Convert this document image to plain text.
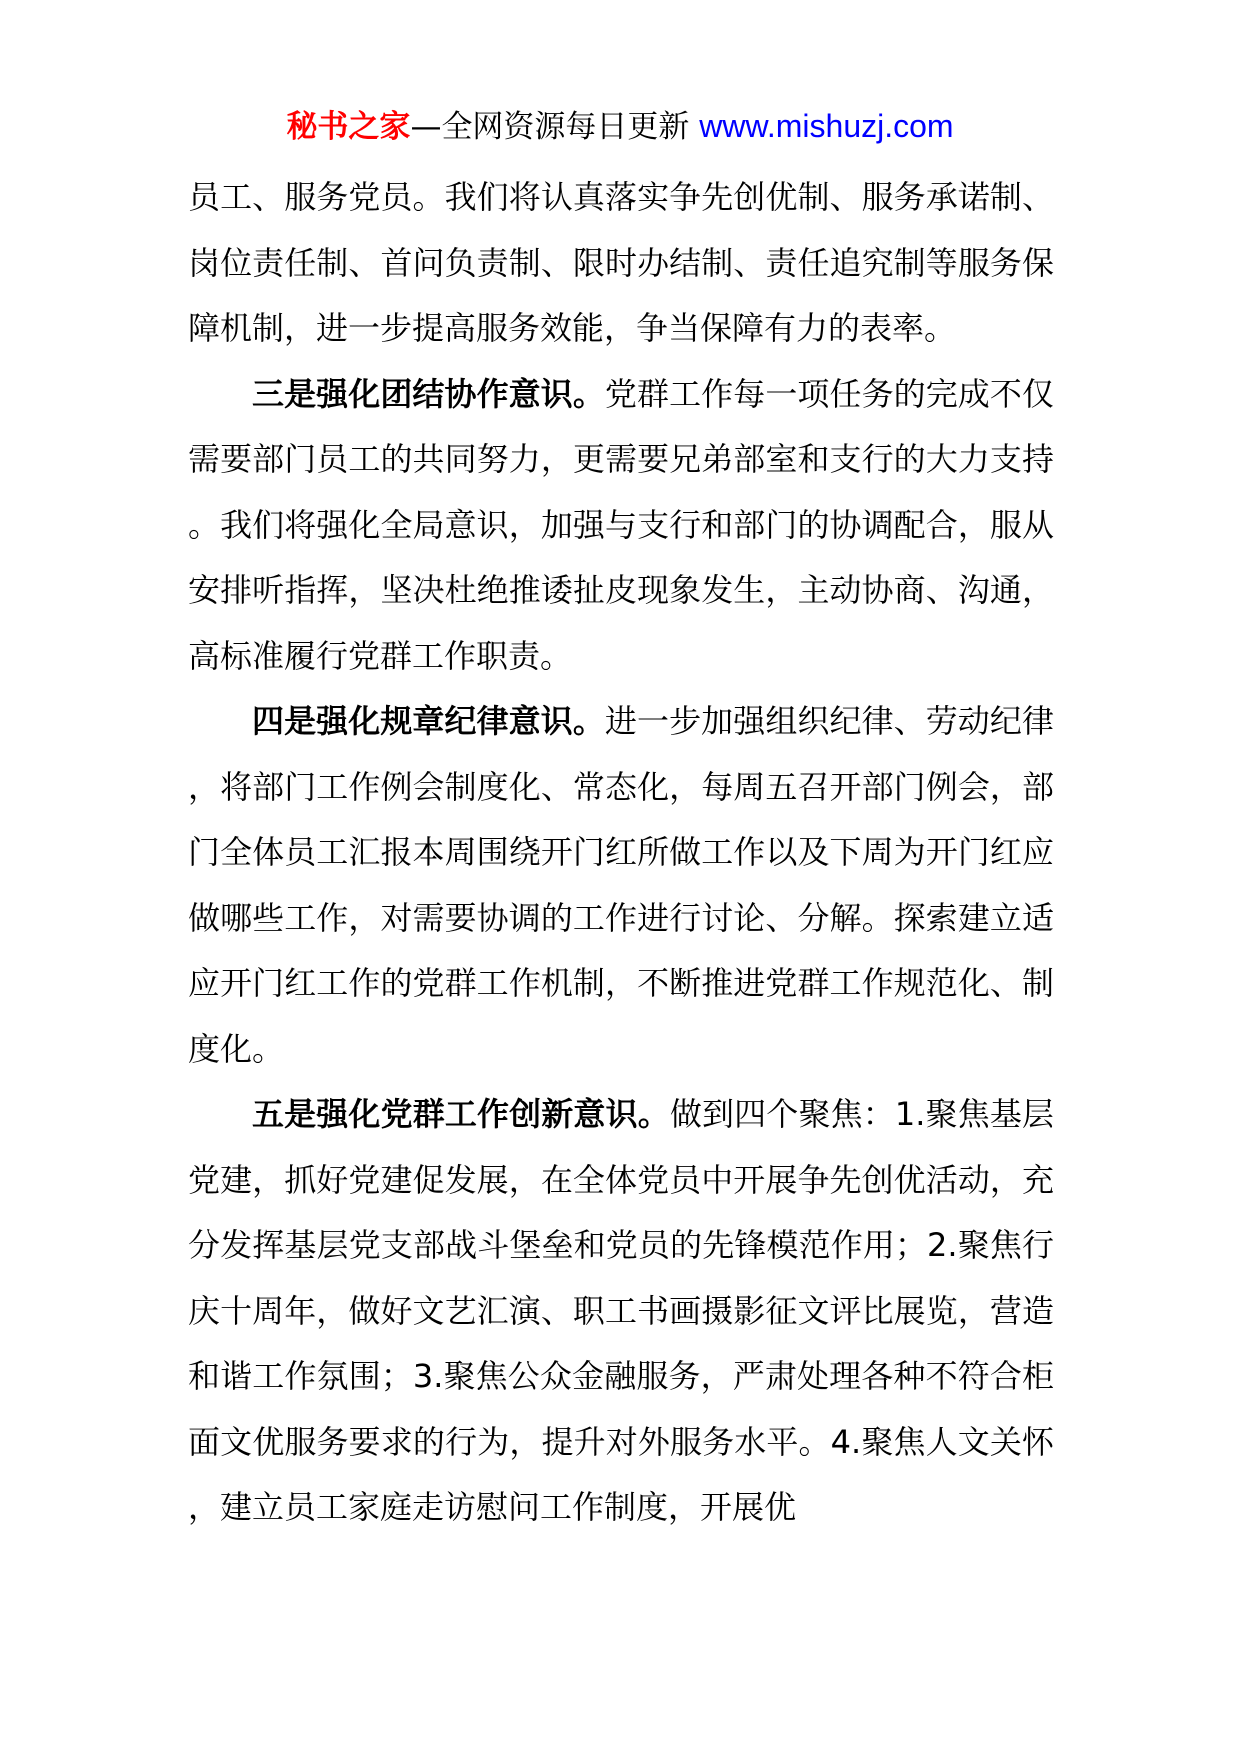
秘书之家—全网资源每日更新 www.mishuzj.com

员工、服务党员。我们将认真落实争先创优制、服务承诺制、岗位责任制、首问负责制、限时办结制、责任追究制等服务保障机制，进一步提高服务效能，争当保障有力的表率。

三是强化团结协作意识。党群工作每一项任务的完成不仅需要部门员工的共同努力，更需要兄弟部室和支行的大力支持。我们将强化全局意识，加强与支行和部门的协调配合，服从安排听指挥，坚决杜绝推诿扯皮现象发生，主动协商、沟通，高标准履行党群工作职责。

四是强化规章纪律意识。进一步加强组织纪律、劳动纪律，将部门工作例会制度化、常态化，每周五召开部门例会，部门全体员工汇报本周围绕开门红所做工作以及下周为开门红应做哪些工作，对需要协调的工作进行讨论、分解。探索建立适应开门红工作的党群工作机制，不断推进党群工作规范化、制度化。

五是强化党群工作创新意识。做到四个聚焦：1.聚焦基层党建，抓好党建促发展，在全体党员中开展争先创优活动，充分发挥基层党支部战斗堡垒和党员的先锋模范作用；2.聚焦行庆十周年，做好文艺汇演、职工书画摄影征文评比展览，营造和谐工作氛围；3.聚焦公众金融服务，严肃处理各种不符合柜面文优服务要求的行为，提升对外服务水平。4.聚焦人文关怀，建立员工家庭走访慰问工作制度，开展优
